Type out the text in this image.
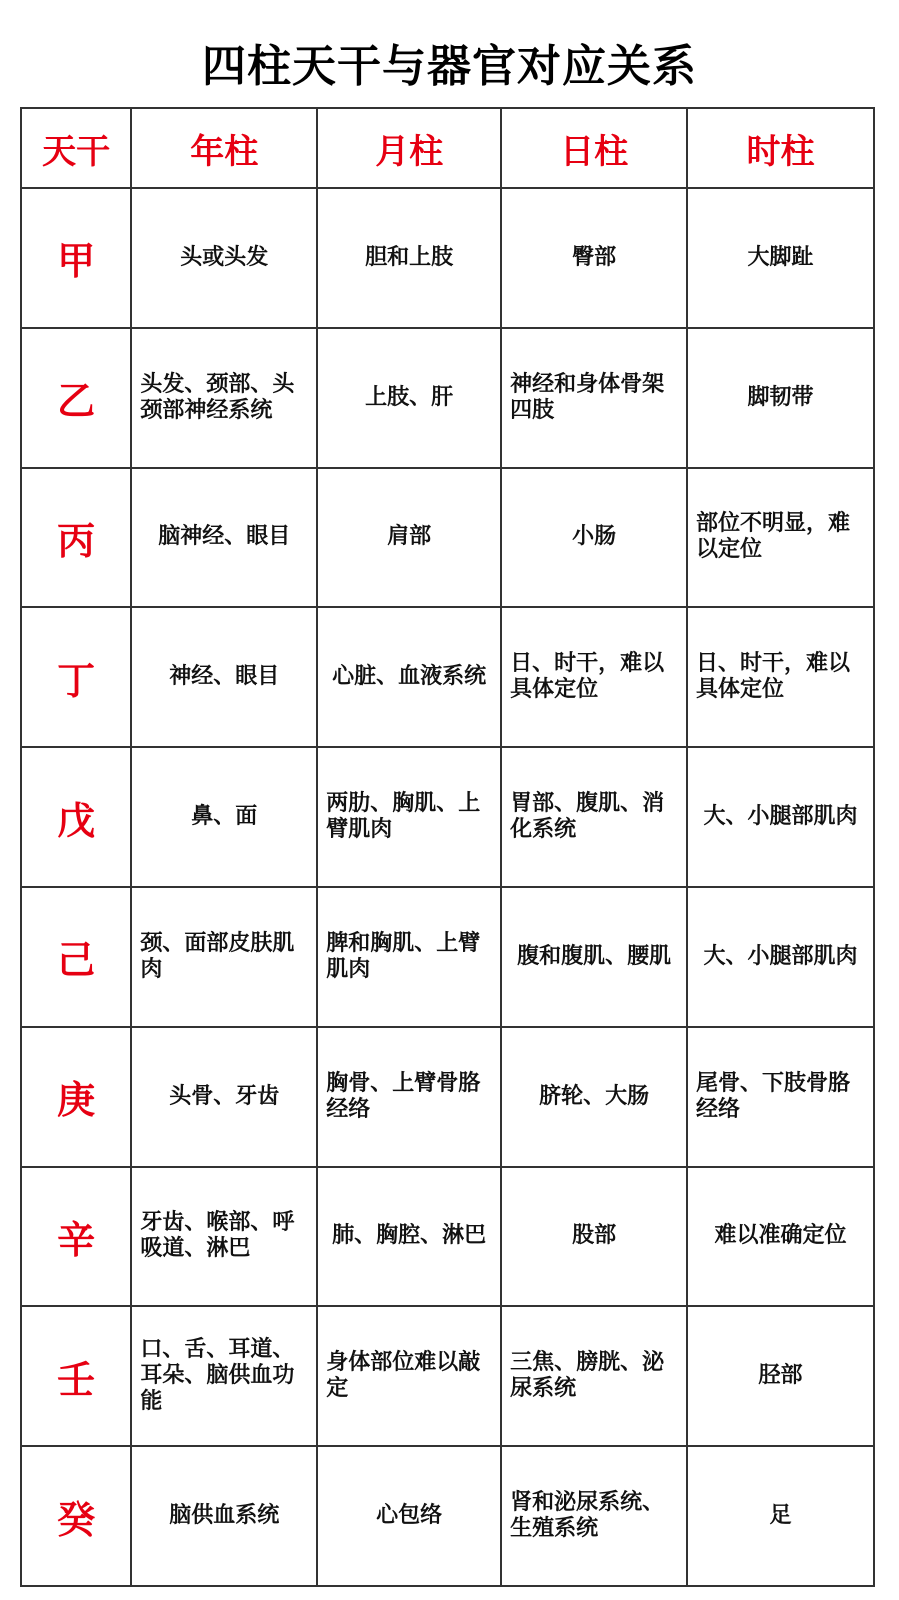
四柱天干与器官对应关系
天干	年柱	月柱	日柱	时柱
甲	头或头发	胆和上肢	臀部	大脚趾
乙	头发、颈部、头颈部神经系统	上肢、肝	神经和身体骨架四肢	脚韧带
丙	脑神经、眼目	肩部	小肠	部位不明显，难以定位
丁	神经、眼目	心脏、血液系统	日、时干，难以具体定位	日、时干，难以具体定位
戊	鼻、面	两肋、胸肌、上臂肌肉	胃部、腹肌、消化系统	大、小腿部肌肉
己	颈、面部皮肤肌肉	脾和胸肌、上臂肌肉	腹和腹肌、腰肌	大、小腿部肌肉
庚	头骨、牙齿	胸骨、上臂骨胳经络	脐轮、大肠	尾骨、下肢骨胳经络
辛	牙齿、喉部、呼吸道、淋巴	肺、胸腔、淋巴	股部	难以准确定位
壬	口、舌、耳道、耳朵、脑供血功能	身体部位难以敲定	三焦、膀胱、泌尿系统	胫部
癸	脑供血系统	心包络	肾和泌尿系统、生殖系统	足
